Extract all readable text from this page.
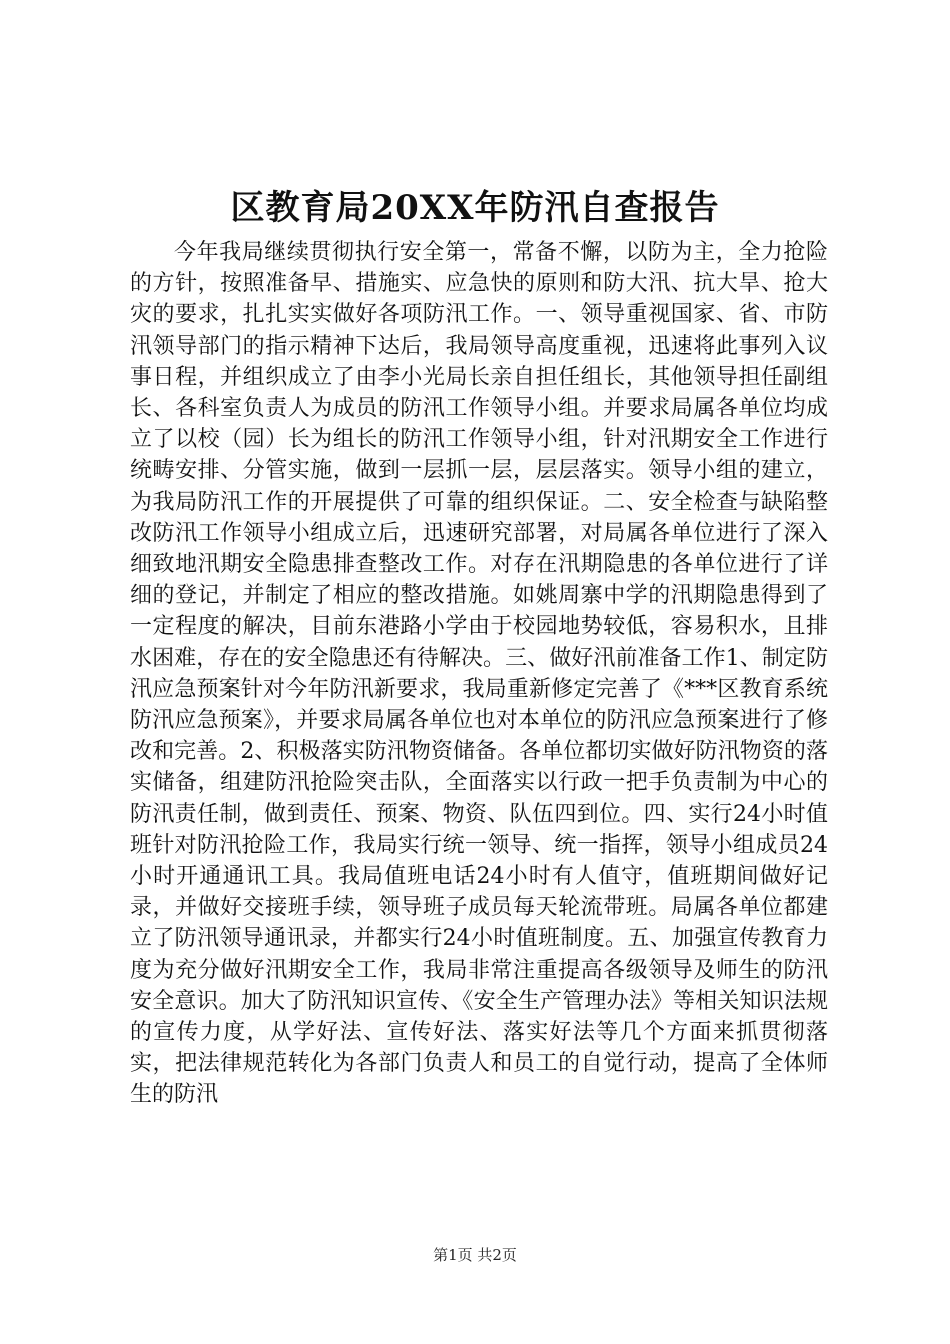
区教育局20XX年防汛自查报告

今年我局继续贯彻执行安全第一，常备不懈，以防为主，全力抢险的方针，按照准备早、措施实、应急快的原则和防大汛、抗大旱、抢大灾的要求，扎扎实实做好各项防汛工作。一、领导重视国家、省、市防汛领导部门的指示精神下达后，我局领导高度重视，迅速将此事列入议事日程，并组织成立了由李小光局长亲自担任组长，其他领导担任副组长、各科室负责人为成员的防汛工作领导小组。并要求局属各单位均成立了以校（园）长为组长的防汛工作领导小组，针对汛期安全工作进行统畴安排、分管实施，做到一层抓一层，层层落实。领导小组的建立，为我局防汛工作的开展提供了可靠的组织保证。二、安全检查与缺陷整改防汛工作领导小组成立后，迅速研究部署，对局属各单位进行了深入细致地汛期安全隐患排查整改工作。对存在汛期隐患的各单位进行了详细的登记，并制定了相应的整改措施。如姚周寨中学的汛期隐患得到了一定程度的解决，目前东港路小学由于校园地势较低，容易积水，且排水困难，存在的安全隐患还有待解决。三、做好汛前准备工作1、制定防汛应急预案针对今年防汛新要求，我局重新修定完善了《***区教育系统防汛应急预案》，并要求局属各单位也对本单位的防汛应急预案进行了修改和完善。2、积极落实防汛物资储备。各单位都切实做好防汛物资的落实储备，组建防汛抢险突击队，全面落实以行政一把手负责制为中心的防汛责任制，做到责任、预案、物资、队伍四到位。四、实行24小时值班针对防汛抢险工作，我局实行统一领导、统一指挥，领导小组成员24小时开通通讯工具。我局值班电话24小时有人值守，值班期间做好记录，并做好交接班手续，领导班子成员每天轮流带班。局属各单位都建立了防汛领导通讯录，并都实行24小时值班制度。五、加强宣传教育力度为充分做好汛期安全工作，我局非常注重提高各级领导及师生的防汛安全意识。加大了防汛知识宣传、《安全生产管理办法》等相关知识法规的宣传力度，从学好法、宣传好法、落实好法等几个方面来抓贯彻落实，把法律规范转化为各部门负责人和员工的自觉行动，提高了全体师生的防汛

第1页 共2页
